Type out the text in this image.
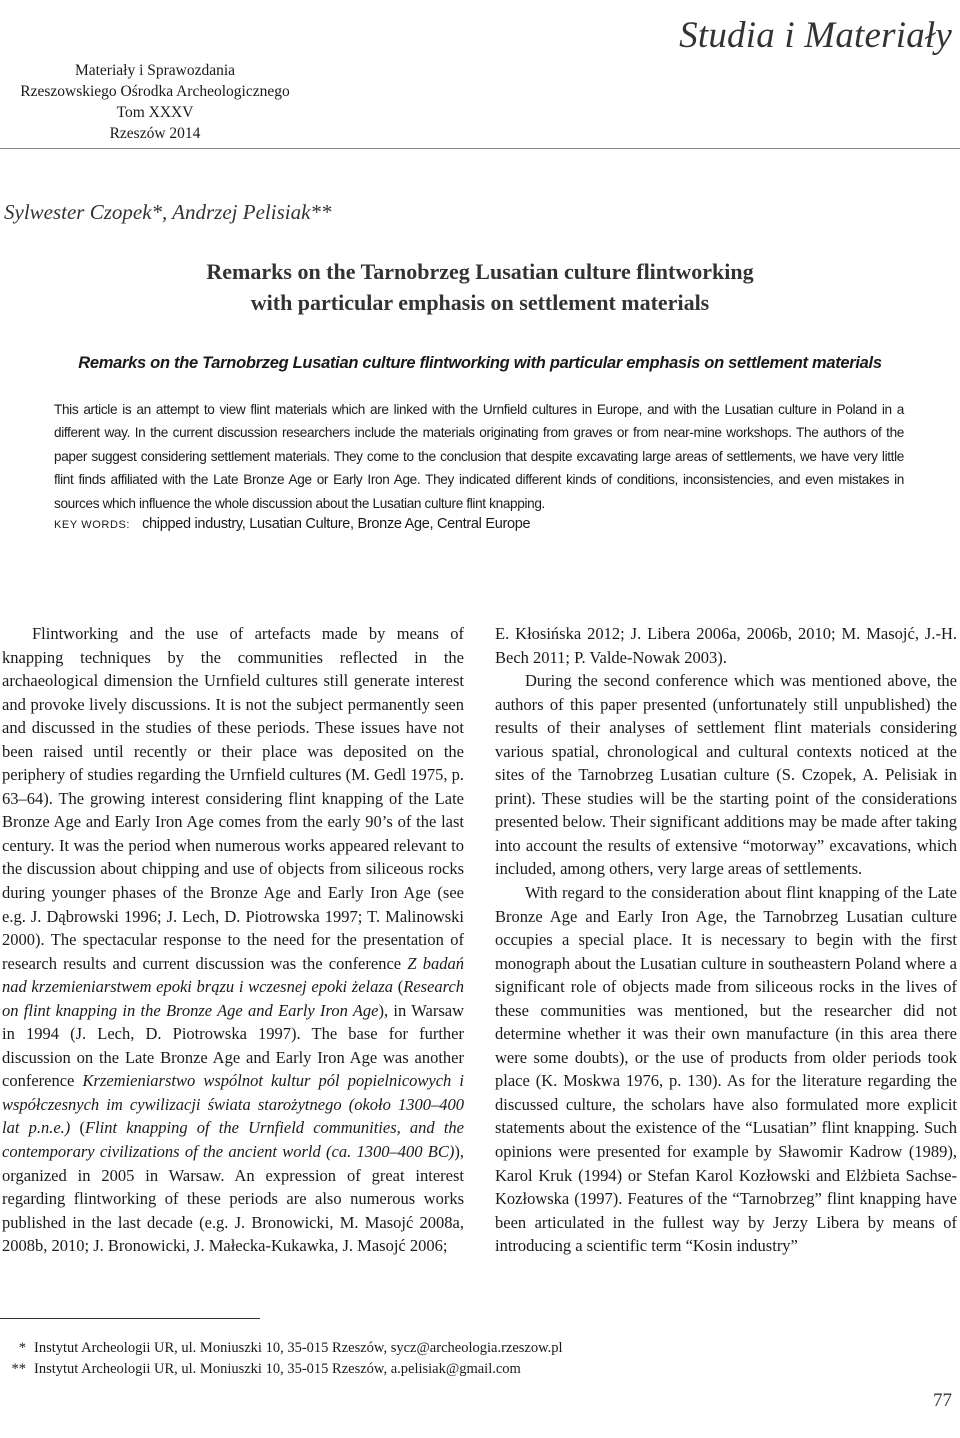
Materiały i Sprawozdania
Rzeszowskiego Ośrodka Archeologicznego
Tom XXXV
Rzeszów 2014
Studia i Materiały
Sylwester Czopek*, Andrzej Pelisiak**
Remarks on the Tarnobrzeg Lusatian culture flintworking
with particular emphasis on settlement materials
Remarks on the Tarnobrzeg Lusatian culture flintworking with particular emphasis on settlement materials

This article is an attempt to view flint materials which are linked with the Urnfield cultures in Europe, and with the Lusatian culture in Poland in a different way. In the current discussion researchers include the materials originating from graves or from near-mine workshops. The authors of the paper suggest considering settlement materials. They come to the conclusion that despite excavating large areas of settlements, we have very little flint finds affiliated with the Late Bronze Age or Early Iron Age. They indicated different kinds of conditions, inconsistencies, and even mistakes in sources which influence the whole discussion about the Lusatian culture flint knapping.

KEY WORDS: chipped industry, Lusatian Culture, Bronze Age, Central Europe

Flintworking and the use of artefacts made by means of knapping techniques by the communities reflected in the archaeological dimension the Urnfield cultures still generate interest and provoke lively discussions. It is not the subject permanently seen and discussed in the studies of these periods. These issues have not been raised until recently or their place was deposited on the periphery of studies regarding the Urnfield cultures (M. Gedl 1975, p. 63–64). The growing interest considering flint knapping of the Late Bronze Age and Early Iron Age comes from the early 90’s of the last century. It was the period when numerous works appeared relevant to the discussion about chipping and use of objects from siliceous rocks during younger phases of the Bronze Age and Early Iron Age (see e.g. J. Dąbrowski 1996; J. Lech, D. Piotrowska 1997; T. Malinowski 2000). The spectacular response to the need for the presentation of research results and current discussion was the conference Z badań nad krzemieniarstwem epoki brązu i wczesnej epoki żelaza (Research on flint knapping in the Bronze Age and Early Iron Age), in Warsaw in 1994 (J. Lech, D. Piotrowska 1997). The base for further discussion on the Late Bronze Age and Early Iron Age was another conference Krzemieniarstwo wspólnot kultur pól popielnicowych i współczesnych im cywilizacji świata starożytnego (około 1300–400 lat p.n.e.) (Flint knapping of the Urnfield communities, and the contemporary civilizations of the ancient world (ca. 1300–400 BC)), organized in 2005 in Warsaw. An expression of great interest regarding flintworking of these periods are also numerous works published in the last decade (e.g. J. Bronowicki, M. Masojć 2008a, 2008b, 2010; J. Bronowicki, J. Małecka-Kukawka, J. Masojć 2006;

E. Kłosińska 2012; J. Libera 2006a, 2006b, 2010; M. Masojć, J.-H. Bech 2011; P. Valde-Nowak 2003).

During the second conference which was mentioned above, the authors of this paper presented (unfortunately still unpublished) the results of their analyses of settlement flint materials considering various spatial, chronological and cultural contexts noticed at the sites of the Tarnobrzeg Lusatian culture (S. Czopek, A. Pelisiak in print). These studies will be the starting point of the considerations presented below. Their significant additions may be made after taking into account the results of extensive “motorway” excavations, which included, among others, very large areas of settlements.

With regard to the consideration about flint knapping of the Late Bronze Age and Early Iron Age, the Tarnobrzeg Lusatian culture occupies a special place. It is necessary to begin with the first monograph about the Lusatian culture in southeastern Poland where a significant role of objects made from siliceous rocks in the lives of these communities was mentioned, but the researcher did not determine whether it was their own manufacture (in this area there were some doubts), or the use of products from older periods took place (K. Moskwa 1976, p. 130). As for the literature regarding the discussed culture, the scholars have also formulated more explicit statements about the existence of the “Lusatian” flint knapping. Such opinions were presented for example by Sławomir Kadrow (1989), Karol Kruk (1994) or Stefan Karol Kozłowski and Elżbieta Sachse-Kozłowska (1997). Features of the “Tarnobrzeg” flint knapping have been articulated in the fullest way by Jerzy Libera by means of introducing a scientific term “Kosin industry”

* Instytut Archeologii UR, ul. Moniuszki 10, 35-015 Rzeszów, sycz@archeologia.rzeszow.pl
** Instytut Archeologii UR, ul. Moniuszki 10, 35-015 Rzeszów, a.pelisiak@gmail.com
77
